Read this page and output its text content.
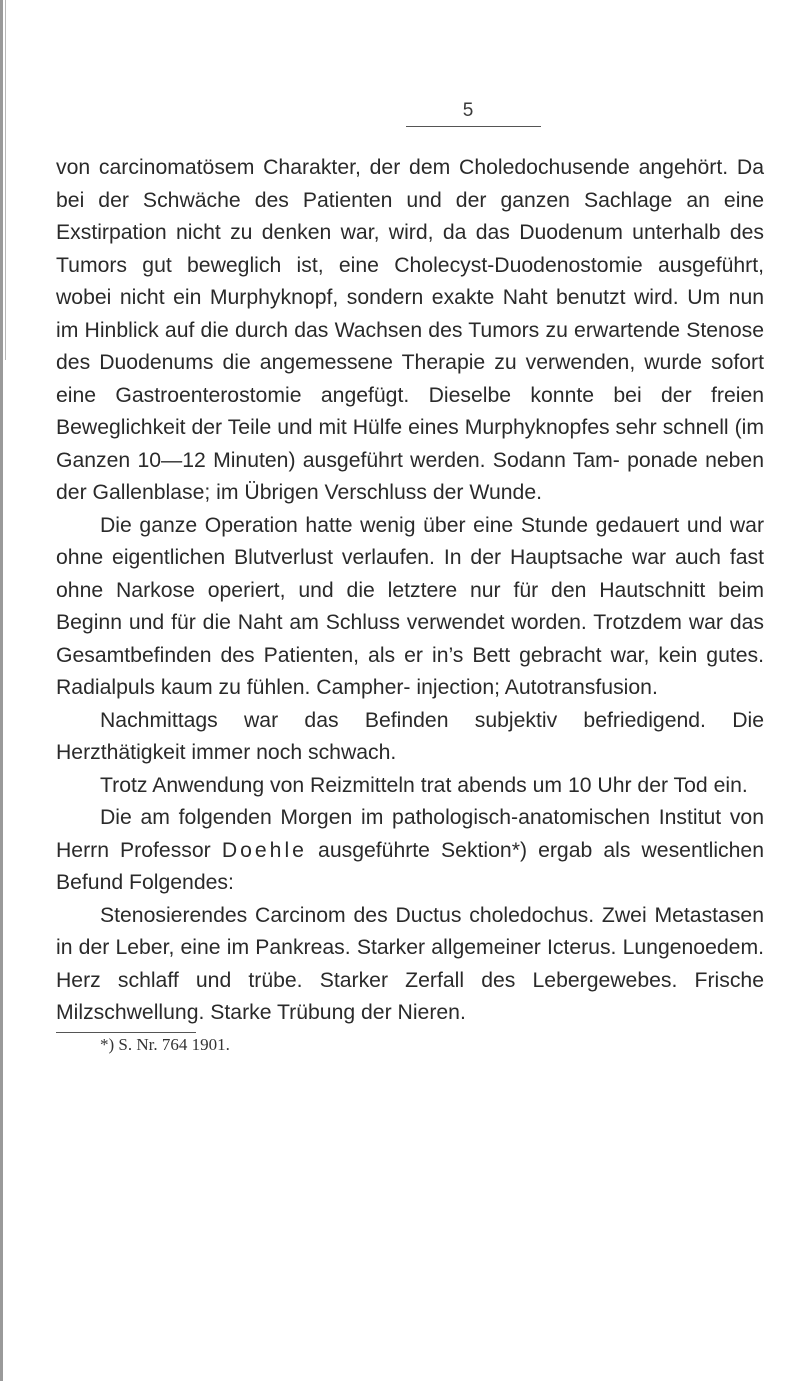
5

von carcinomatösem Charakter, der dem Choledochusende angehört. Da bei der Schwäche des Patienten und der ganzen Sachlage an eine Exstirpation nicht zu denken war, wird, da das Duodenum unterhalb des Tumors gut beweglich ist, eine Cholecyst-Duodenostomie ausgeführt, wobei nicht ein Murphyknopf, sondern exakte Naht benutzt wird. Um nun im Hinblick auf die durch das Wachsen des Tumors zu erwartende Stenose des Duodenums die angemessene Therapie zu verwenden, wurde sofort eine Gastroenterostomie angefügt. Dieselbe konnte bei der freien Beweglichkeit der Teile und mit Hülfe eines Murphyknopfes sehr schnell (im Ganzen 10—12 Minuten) ausgeführt werden. Sodann Tam- ponade neben der Gallenblase; im Übrigen Verschluss der Wunde.

Die ganze Operation hatte wenig über eine Stunde gedauert und war ohne eigentlichen Blutverlust verlaufen. In der Hauptsache war auch fast ohne Narkose operiert, und die letztere nur für den Hautschnitt beim Beginn und für die Naht am Schluss verwendet worden. Trotzdem war das Gesamtbefinden des Patienten, als er in’s Bett gebracht war, kein gutes. Radialpuls kaum zu fühlen. Campher- injection; Autotransfusion.

Nachmittags war das Befinden subjektiv befriedigend. Die Herzthätigkeit immer noch schwach.

Trotz Anwendung von Reizmitteln trat abends um 10 Uhr der Tod ein.

Die am folgenden Morgen im pathologisch-anatomischen Institut von Herrn Professor Doehle ausgeführte Sektion*) ergab als wesentlichen Befund Folgendes:

Stenosierendes Carcinom des Ductus choledochus. Zwei Metastasen in der Leber, eine im Pankreas. Starker allgemeiner Icterus. Lungenoedem. Herz schlaff und trübe. Starker Zerfall des Lebergewebes. Frische Milzschwellung. Starke Trübung der Nieren.

*) S. Nr. 764 1901.
